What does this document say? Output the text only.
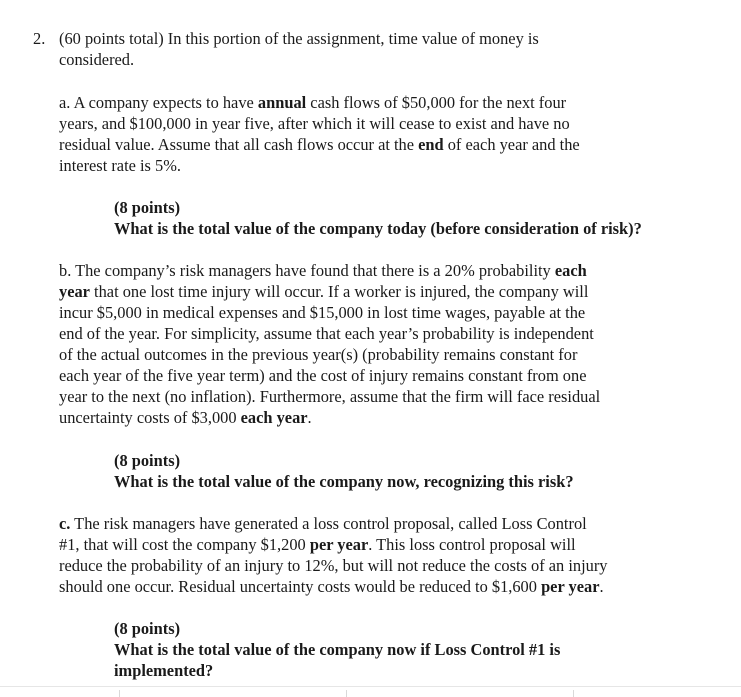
2. (60 points total) In this portion of the assignment, time value of money is
considered.
a. A company expects to have annual cash flows of $50,000 for the next four
years, and $100,000 in year five, after which it will cease to exist and have no
residual value. Assume that all cash flows occur at the end of each year and the
interest rate is 5%.
(8 points)
What is the total value of the company today (before consideration of risk)?
b. The company’s risk managers have found that there is a 20% probability each
year that one lost time injury will occur. If a worker is injured, the company will
incur $5,000 in medical expenses and $15,000 in lost time wages, payable at the
end of the year. For simplicity, assume that each year’s probability is independent
of the actual outcomes in the previous year(s) (probability remains constant for
each year of the five year term) and the cost of injury remains constant from one
year to the next (no inflation). Furthermore, assume that the firm will face residual
uncertainty costs of $3,000 each year.
(8 points)
What is the total value of the company now, recognizing this risk?
c. The risk managers have generated a loss control proposal, called Loss Control
#1, that will cost the company $1,200 per year. This loss control proposal will
reduce the probability of an injury to 12%, but will not reduce the costs of an injury
should one occur. Residual uncertainty costs would be reduced to $1,600 per year.
(8 points)
What is the total value of the company now if Loss Control #1 is
implemented?
